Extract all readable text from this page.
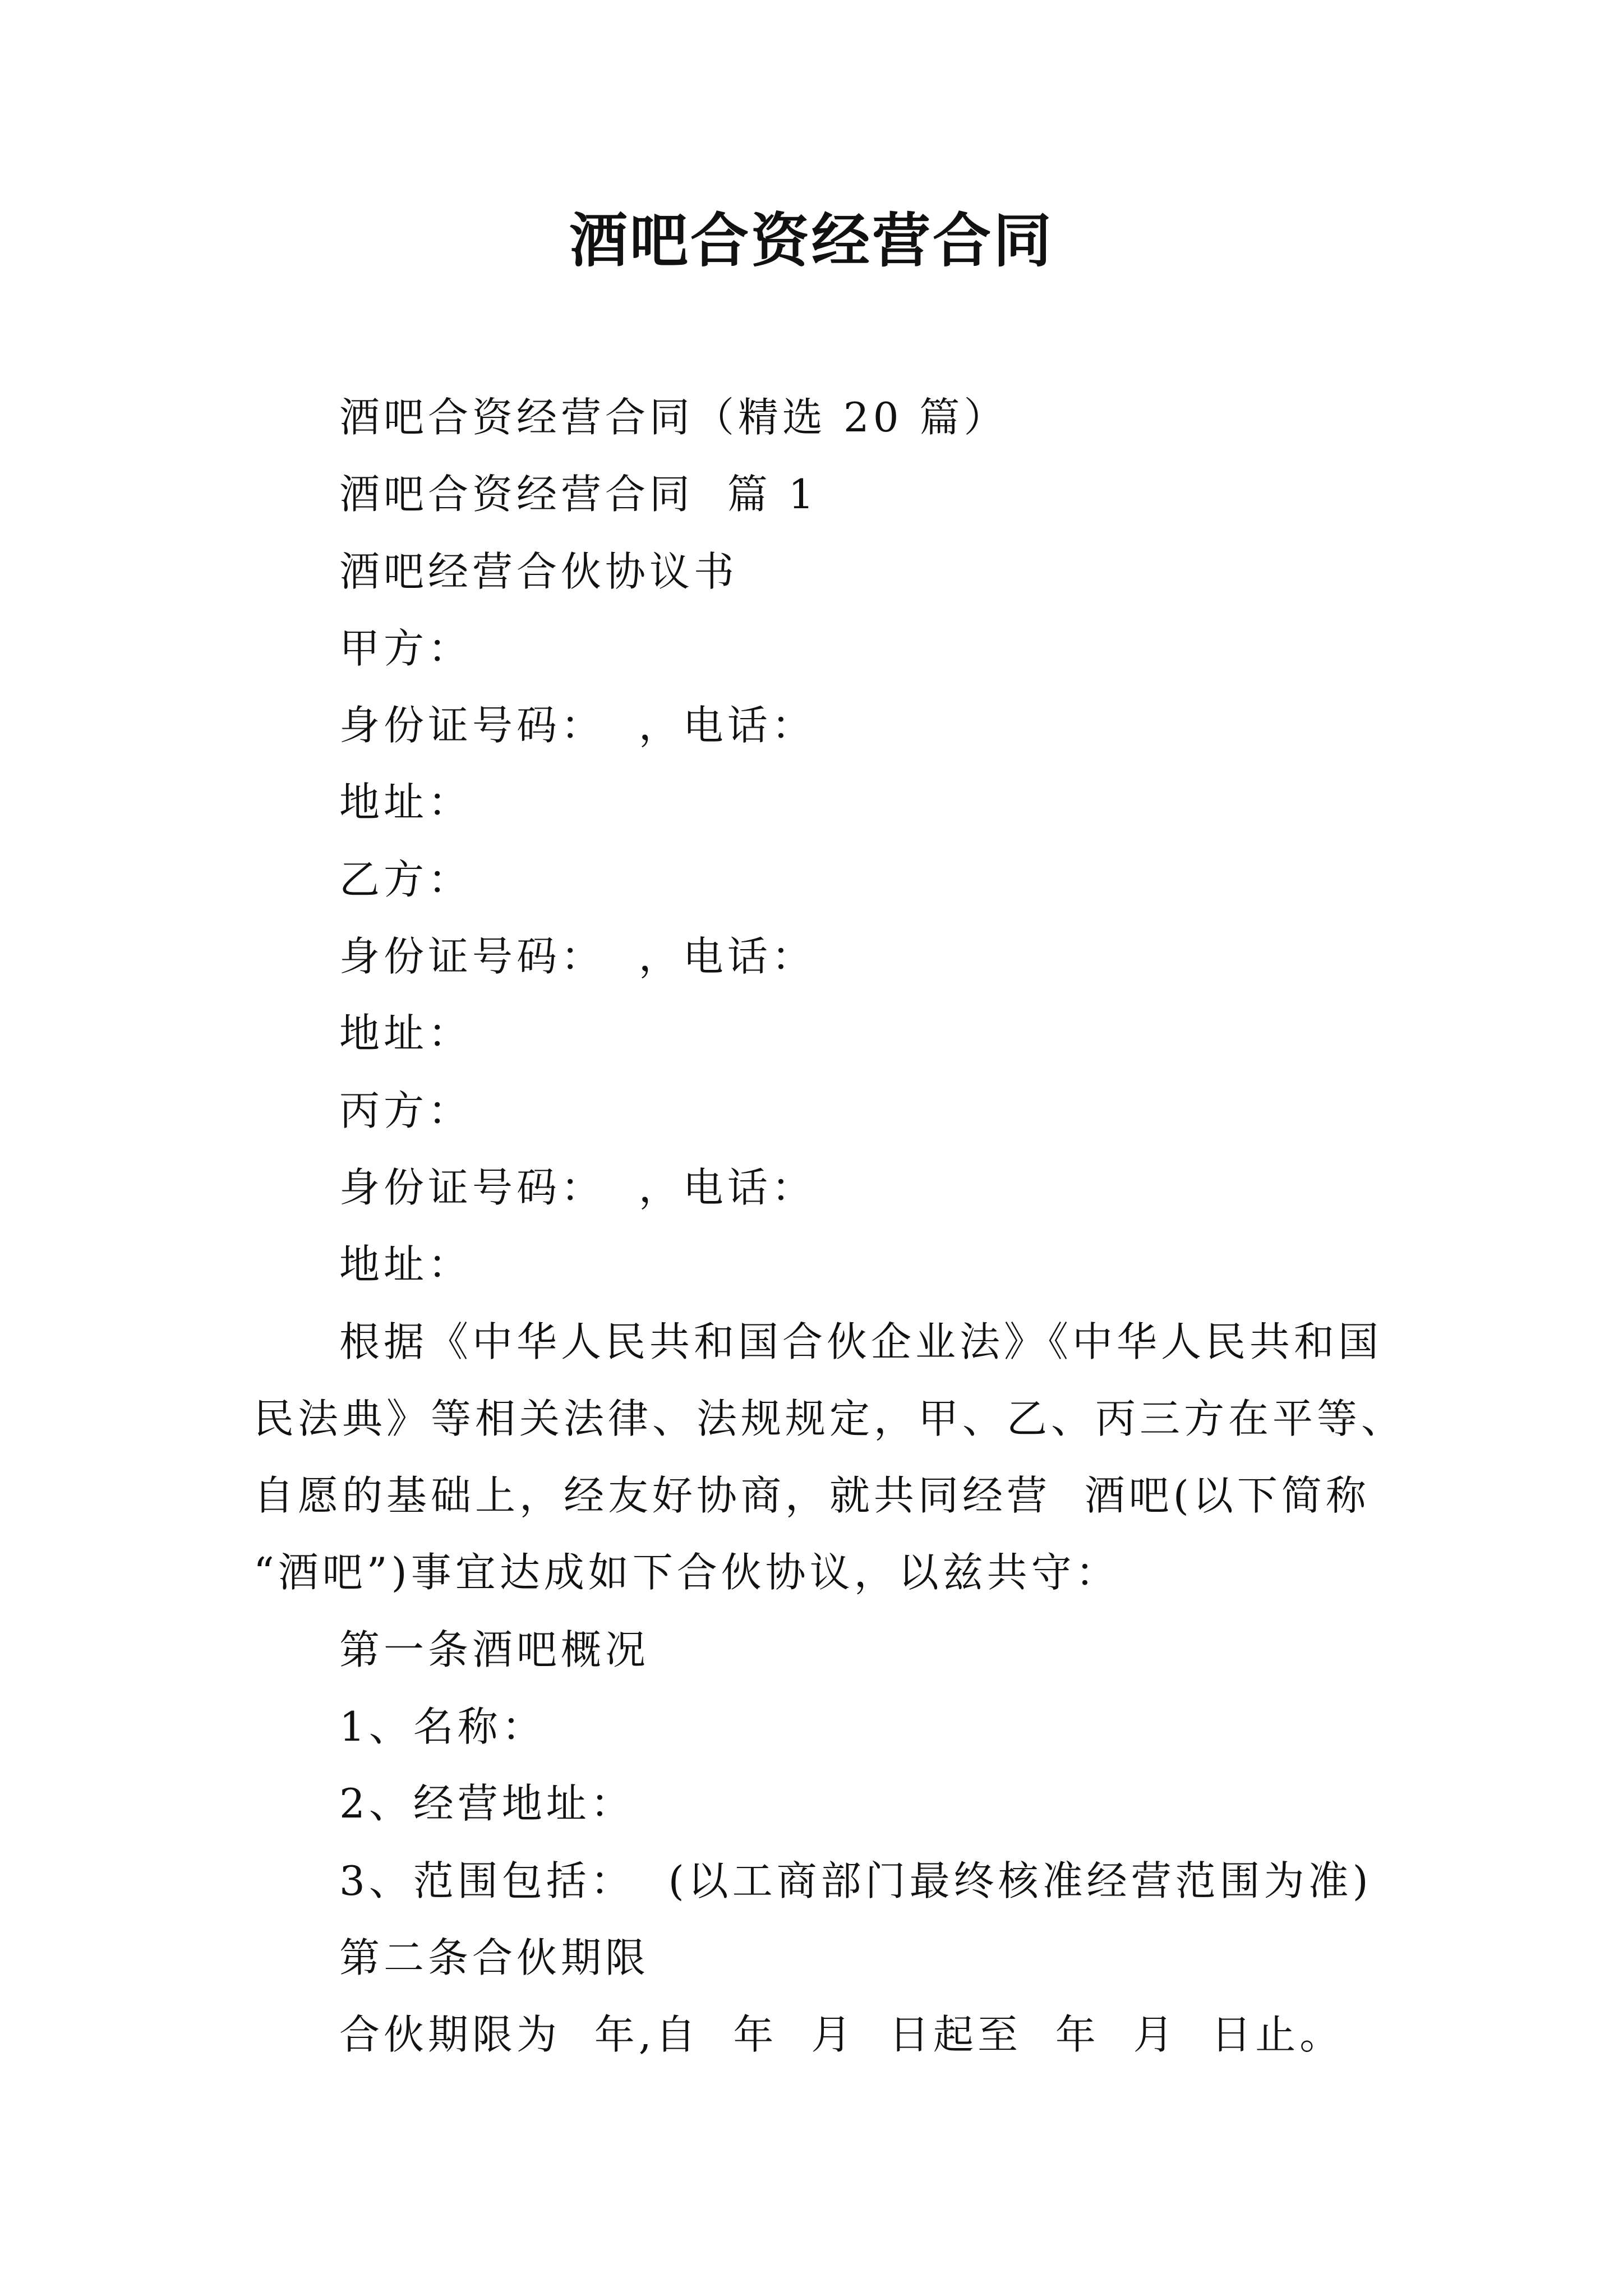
酒吧合资经营合同
酒吧合资经营合同（精选 20 篇）
酒吧合资经营合同  篇 1
酒吧经营合伙协议书
甲方：
身份证号码：  ，电话：
地址：
乙方：
身份证号码：  ，电话：
地址：
丙方：
身份证号码：  ，电话：
地址：
根据《中华人民共和国合伙企业法》《中华人民共和国
民法典》等相关法律、法规规定，甲、乙、丙三方在平等、
自愿的基础上，经友好协商，就共同经营  酒吧(以下简称
“酒吧”)事宜达成如下合伙协议，以兹共守：
第一条酒吧概况
1、名称：
2、经营地址：
3、范围包括：  (以工商部门最终核准经营范围为准)
第二条合伙期限
合伙期限为  年,自  年  月  日起至  年  月  日止。
